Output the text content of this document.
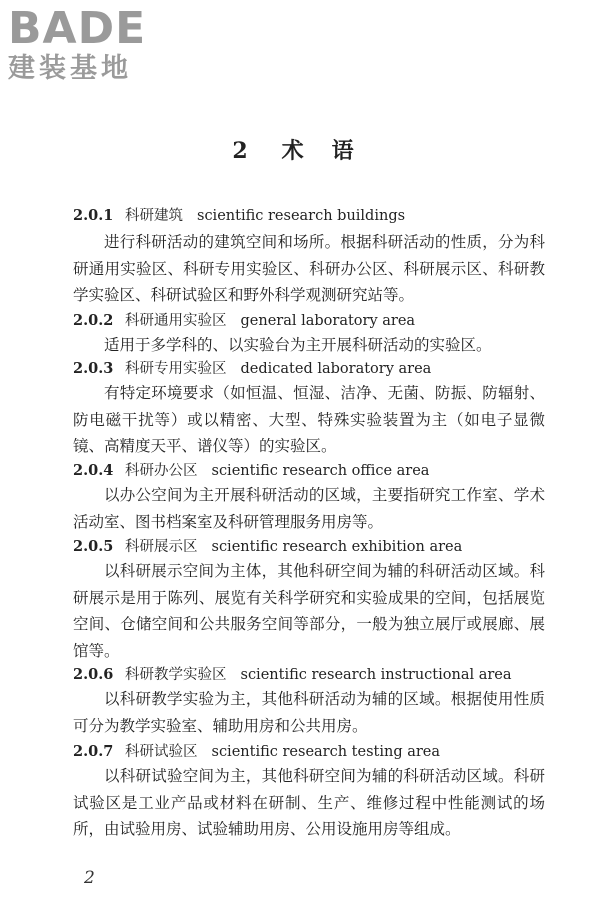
BADE
建装基地
2 术 语
2.0.1 科研建筑 scientific research buildings
进行科研活动的建筑空间和场所。根据科研活动的性质，分为科研通用实验区、科研专用实验区、科研办公区、科研展示区、科研教学实验区、科研试验区和野外科学观测研究站等。
2.0.2 科研通用实验区 general laboratory area
适用于多学科的、以实验台为主开展科研活动的实验区。
2.0.3 科研专用实验区 dedicated laboratory area
有特定环境要求（如恒温、恒湿、洁净、无菌、防振、防辐射、防电磁干扰等）或以精密、大型、特殊实验装置为主（如电子显微镜、高精度天平、谱仪等）的实验区。
2.0.4 科研办公区 scientific research office area
以办公空间为主开展科研活动的区域，主要指研究工作室、学术活动室、图书档案室及科研管理服务用房等。
2.0.5 科研展示区 scientific research exhibition area
以科研展示空间为主体，其他科研空间为辅的科研活动区域。科研展示是用于陈列、展览有关科学研究和实验成果的空间，包括展览空间、仓储空间和公共服务空间等部分，一般为独立展厅或展廊、展馆等。
2.0.6 科研教学实验区 scientific research instructional area
以科研教学实验为主，其他科研活动为辅的区域。根据使用性质可分为教学实验室、辅助用房和公共用房。
2.0.7 科研试验区 scientific research testing area
以科研试验空间为主，其他科研空间为辅的科研活动区域。科研试验区是工业产品或材料在研制、生产、维修过程中性能测试的场所，由试验用房、试验辅助用房、公用设施用房等组成。
2
